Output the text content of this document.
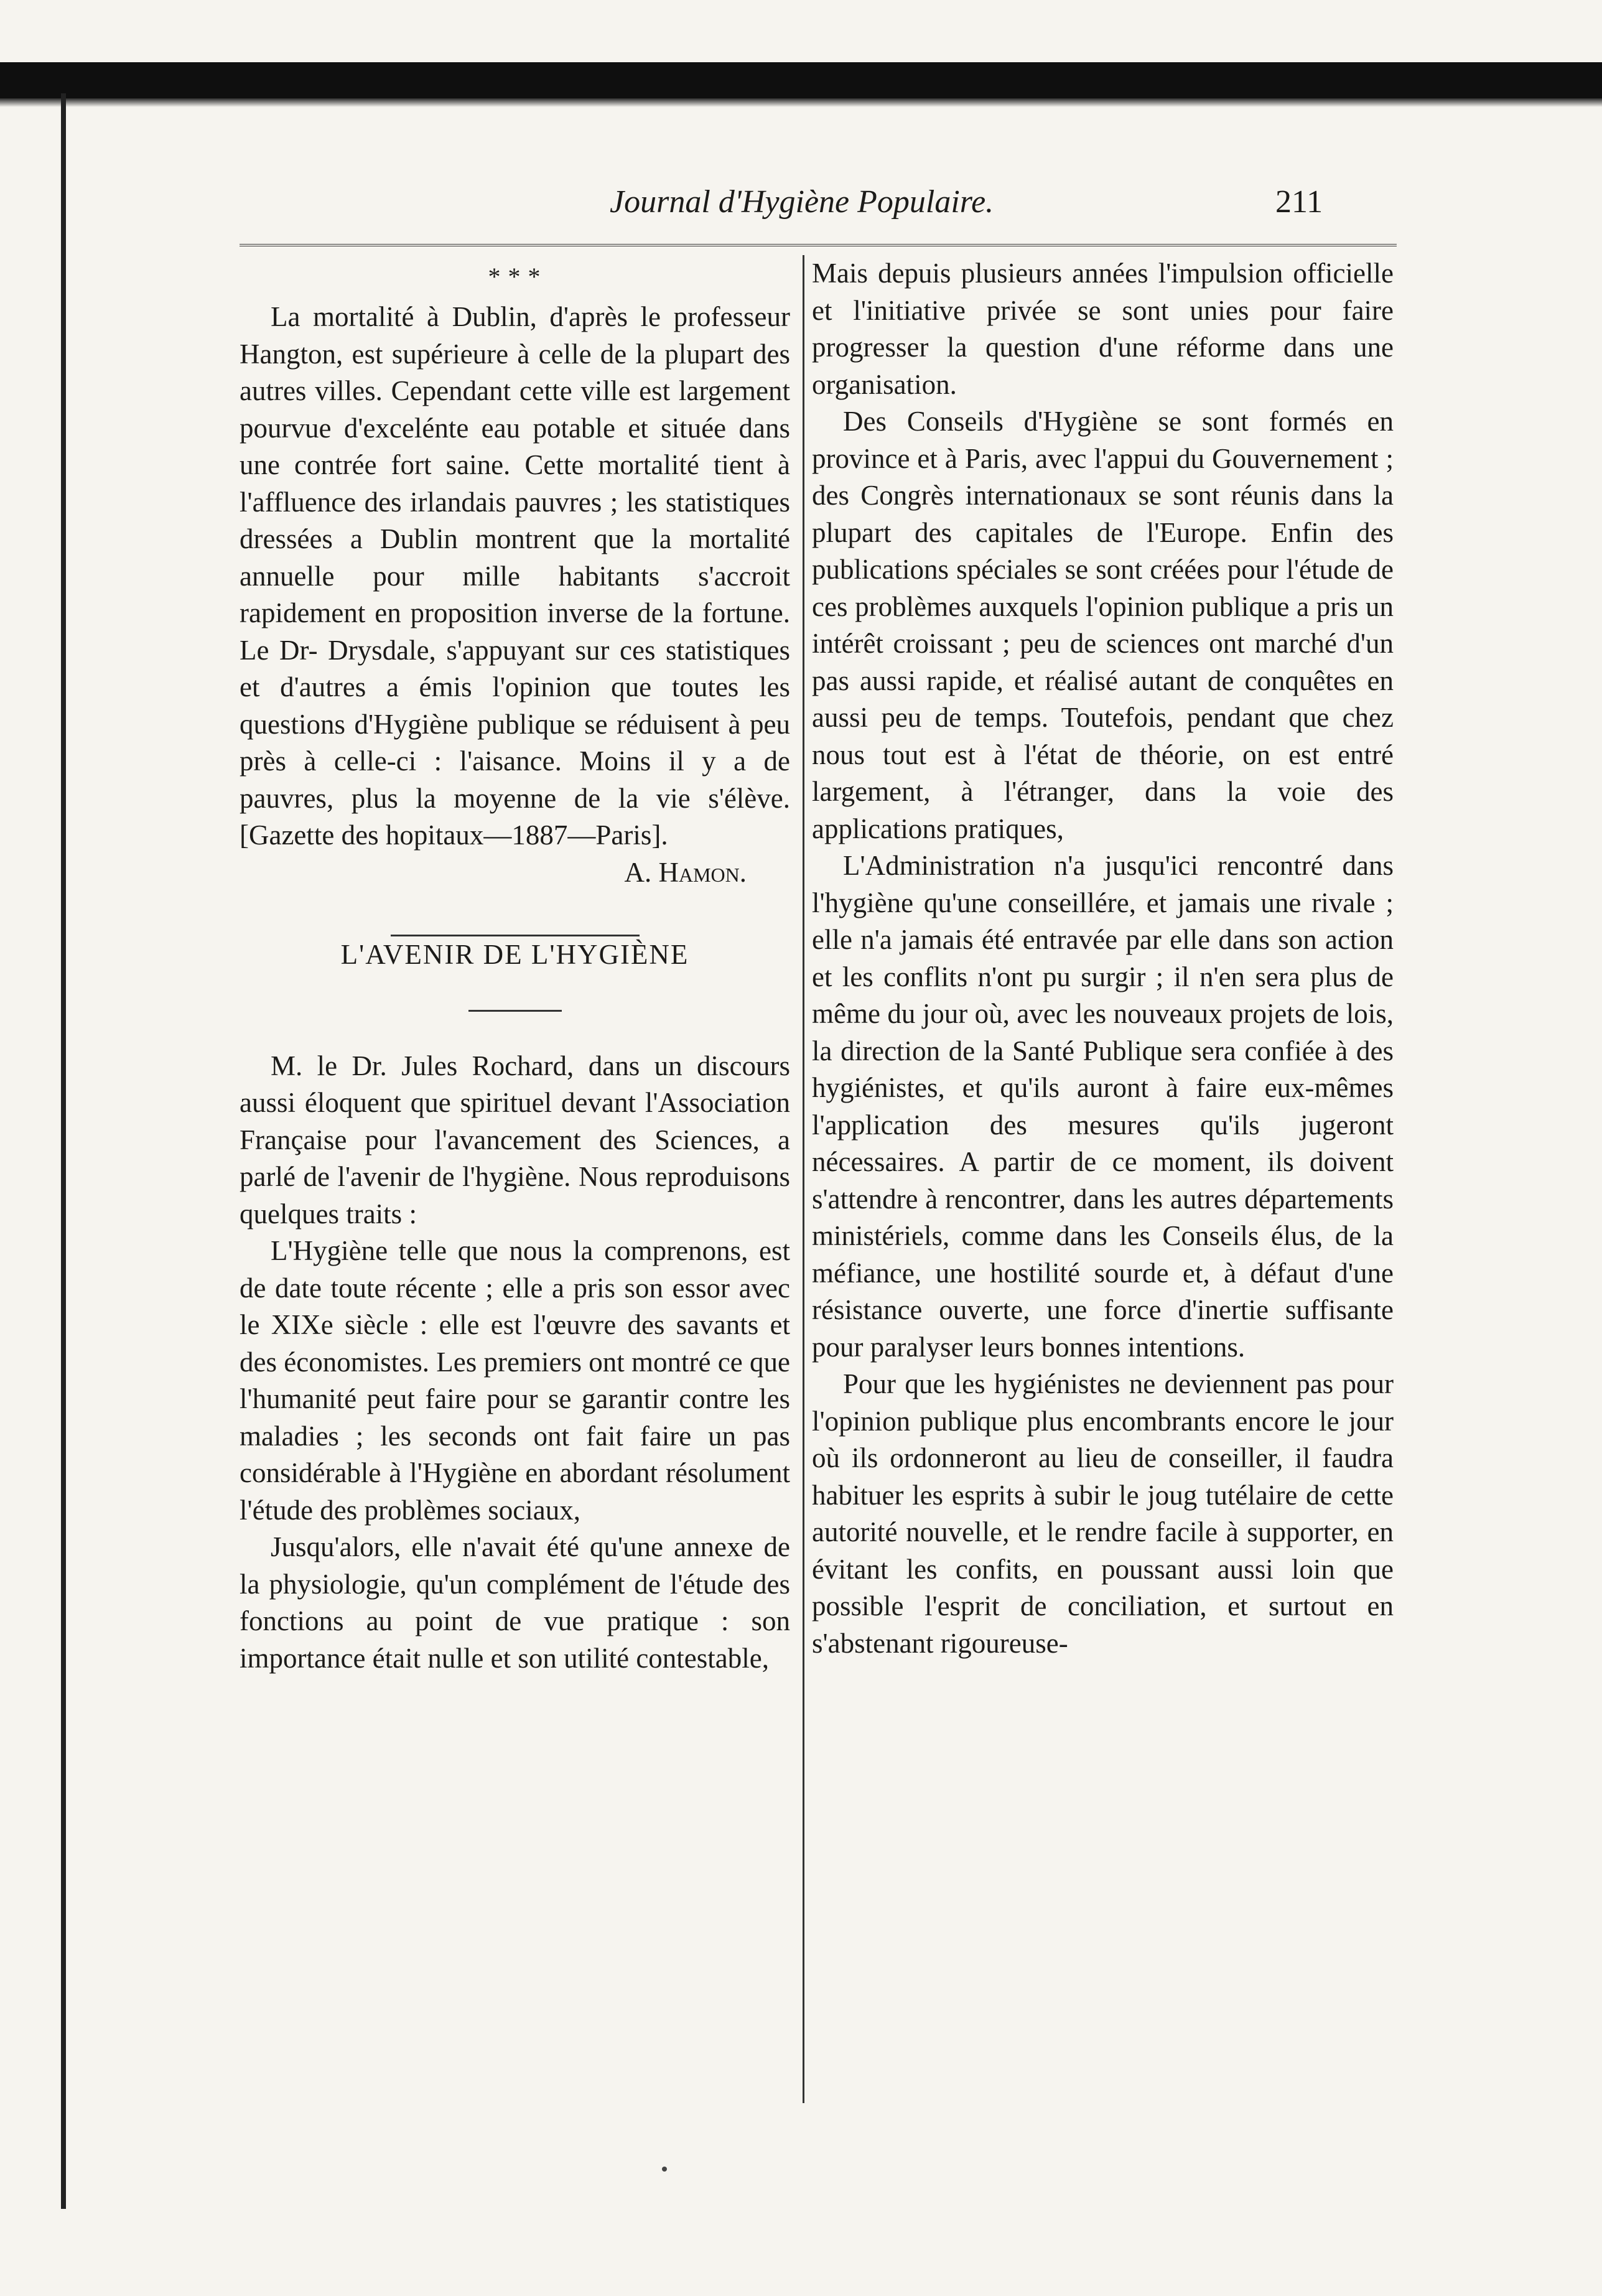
Journal d'Hygiène Populaire.	211
* * *

La mortalité à Dublin, d'après le professeur Hangton, est supérieure à celle de la plupart des autres villes. Cependant cette ville est largement pourvue d'excelénte eau potable et située dans une contrée fort saine. Cette mortalité tient à l'affluence des irlandais pauvres ; les statistiques dressées a Dublin montrent que la mortalité annuelle pour mille habitants s'accroit rapidement en proposition inverse de la fortune. Le Dr- Drysdale, s'appuyant sur ces statistiques et d'autres a émis l'opinion que toutes les questions d'Hygiène publique se réduisent à peu près à celle-ci : l'aisance. Moins il y a de pauvres, plus la moyenne de la vie s'élève. [Gazette des hopitaux—1887—Paris].

A. Hamon.

L'AVENIR DE L'HYGIÈNE

M. le Dr. Jules Rochard, dans un discours aussi éloquent que spirituel devant l'Association Française pour l'avancement des Sciences, a parlé de l'avenir de l'hygiène. Nous reproduisons quelques traits :

L'Hygiène telle que nous la comprenons, est de date toute récente ; elle a pris son essor avec le XIXe siècle : elle est l'œuvre des savants et des économistes. Les premiers ont montré ce que l'humanité peut faire pour se garantir contre les maladies ; les seconds ont fait faire un pas considérable à l'Hygiène en abordant résolument l'étude des problèmes sociaux,

Jusqu'alors, elle n'avait été qu'une annexe de la physiologie, qu'un complément de l'étude des fonctions au point de vue pratique : son importance était nulle et son utilité contestable,

Mais depuis plusieurs années l'impulsion officielle et l'initiative privée se sont unies pour faire progresser la question d'une réforme dans une organisation.

Des Conseils d'Hygiène se sont formés en province et à Paris, avec l'appui du Gouvernement ; des Congrès internationaux se sont réunis dans la plupart des capitales de l'Europe. Enfin des publications spéciales se sont créées pour l'étude de ces problèmes auxquels l'opinion publique a pris un intérêt croissant ; peu de sciences ont marché d'un pas aussi rapide, et réalisé autant de conquêtes en aussi peu de temps. Toutefois, pendant que chez nous tout est à l'état de théorie, on est entré largement, à l'étranger, dans la voie des applications pratiques,

L'Administration n'a jusqu'ici rencontré dans l'hygiène qu'une conseillére, et jamais une rivale ; elle n'a jamais été entravée par elle dans son action et les conflits n'ont pu surgir ; il n'en sera plus de même du jour où, avec les nouveaux projets de lois, la direction de la Santé Publique sera confiée à des hygiénistes, et qu'ils auront à faire eux-mêmes l'application des mesures qu'ils jugeront nécessaires. A partir de ce moment, ils doivent s'attendre à rencontrer, dans les autres départements ministériels, comme dans les Conseils élus, de la méfiance, une hostilité sourde et, à défaut d'une résistance ouverte, une force d'inertie suffisante pour paralyser leurs bonnes intentions.

Pour que les hygiénistes ne deviennent pas pour l'opinion publique plus encombrants encore le jour où ils ordonneront au lieu de conseiller, il faudra habituer les esprits à subir le joug tutélaire de cette autorité nouvelle, et le rendre facile à supporter, en évitant les confits, en poussant aussi loin que possible l'esprit de conciliation, et surtout en s'abstenant rigoureuse-
